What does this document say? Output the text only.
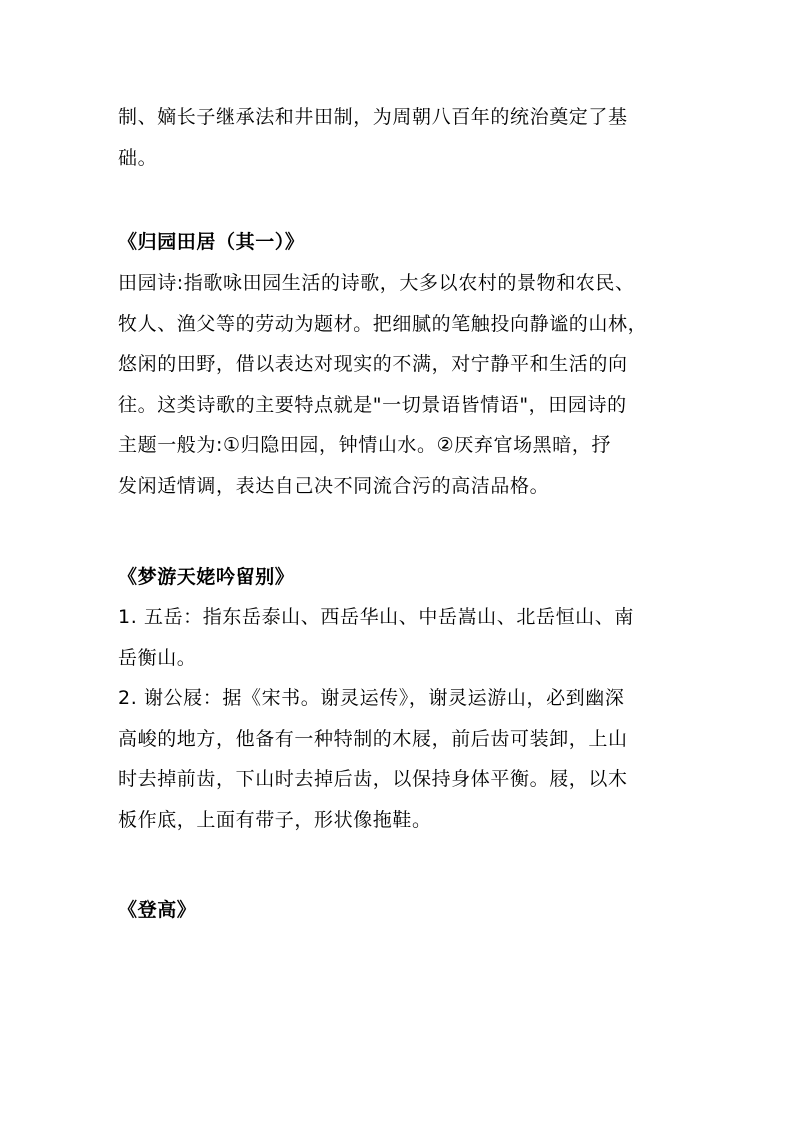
制、嫡长子继承法和井田制，为周朝八百年的统治奠定了基
础。
《归园田居（其一）》
田园诗:指歌咏田园生活的诗歌，大多以农村的景物和农民、
牧人、渔父等的劳动为题材。把细腻的笔触投向静谧的山林，
悠闲的田野，借以表达对现实的不满，对宁静平和生活的向
往。这类诗歌的主要特点就是"一切景语皆情语"，田园诗的
主题一般为:①归隐田园，钟情山水。②厌弃官场黑暗，抒
发闲适情调，表达自己决不同流合污的高洁品格。
《梦游天姥吟留别》
1. 五岳：指东岳泰山、西岳华山、中岳嵩山、北岳恒山、南
岳衡山。
2. 谢公屐：据《宋书。谢灵运传》，谢灵运游山，必到幽深
高峻的地方，他备有一种特制的木屐，前后齿可装卸，上山
时去掉前齿，下山时去掉后齿，以保持身体平衡。屐，以木
板作底，上面有带子，形状像拖鞋。
《登高》
